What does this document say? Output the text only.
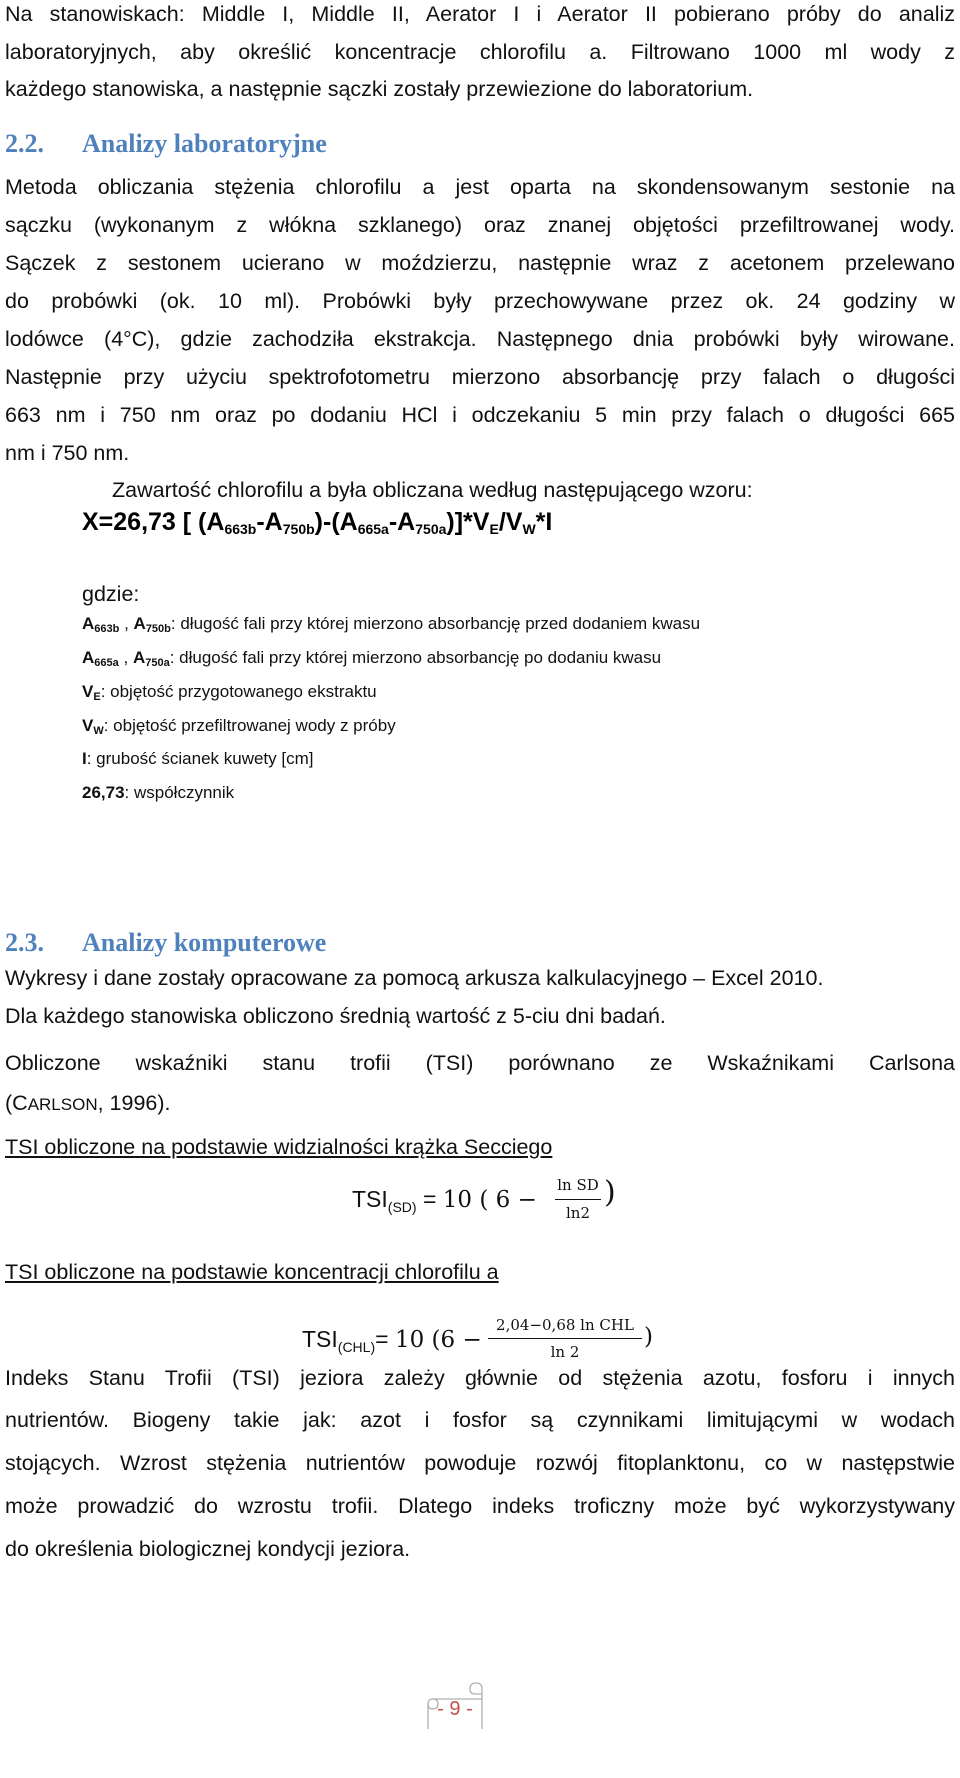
Na stanowiskach: Middle I, Middle II, Aerator I i Aerator II pobierano próby do analiz
laboratoryjnych, aby określić koncentracje chlorofilu a. Filtrowano 1000 ml wody z
każdego stanowiska, a następnie sączki zostały przewiezione do laboratorium.
2.2. Analizy laboratoryjne
Metoda obliczania stężenia chlorofilu a jest oparta na skondensowanym sestonie na
sączku (wykonanym z włókna szklanego) oraz znanej objętości przefiltrowanej wody.
Sączek z sestonem ucierano w moździerzu, następnie wraz z acetonem przelewano
do probówki (ok. 10 ml). Probówki były przechowywane przez ok. 24 godziny w
lodówce (4°C), gdzie zachodziła ekstrakcja. Następnego dnia probówki były wirowane.
Następnie przy użyciu spektrofotometru mierzono absorbancję przy falach o długości
663 nm i 750 nm oraz po dodaniu HCl i odczekaniu 5 min przy falach o długości 665
nm i 750 nm.
Zawartość chlorofilu a była obliczana według następującego wzoru:
X=26,73 [ $(A_{663b}-A_{750b})-(A_{665a}-A_{750a})]*V_E/V_W*I$
gdzie:
$A_{663b}$ , $A_{750b}$: długość fali przy której mierzono absorbancję przed dodaniem kwasu
$A_{665a}$ , $A_{750a}$: długość fali przy której mierzono absorbancję po dodaniu kwasu
$V_E$: objętość przygotowanego ekstraktu
$V_W$: objętość przefiltrowanej wody z próby
I: grubość ścianek kuwety [cm]
26,73: współczynnik
2.3. Analizy komputerowe
Wykresy i dane zostały opracowane za pomocą arkusza kalkulacyjnego – Excel 2010.
Dla każdego stanowiska obliczono średnią wartość z 5-ciu dni badań.
Obliczone wskaźniki stanu trofii (TSI) porównano ze Wskaźnikami Carlsona
(CARLSON, 1996).
TSI obliczone na podstawie widzialności krążka Secciego
$TSI_{(SD)} = 10$ ( 6 −
ln SD
ln2
)
TSI obliczone na podstawie koncentracji chlorofilu a
$TSI_{(CHL)}= 10$ (6 −
2,04−0,68 ln CHL
ln 2
)
Indeks Stanu Trofii (TSI) jeziora zależy głównie od stężenia azotu, fosforu i innych
nutrientów. Biogeny takie jak: azot i fosfor są czynnikami limitującymi w wodach
stojących. Wzrost stężenia nutrientów powoduje rozwój fitoplanktonu, co w następstwie
może prowadzić do wzrostu trofii. Dlatego indeks troficzny może być wykorzystywany
do określenia biologicznej kondycji jeziora.
- 9 -
